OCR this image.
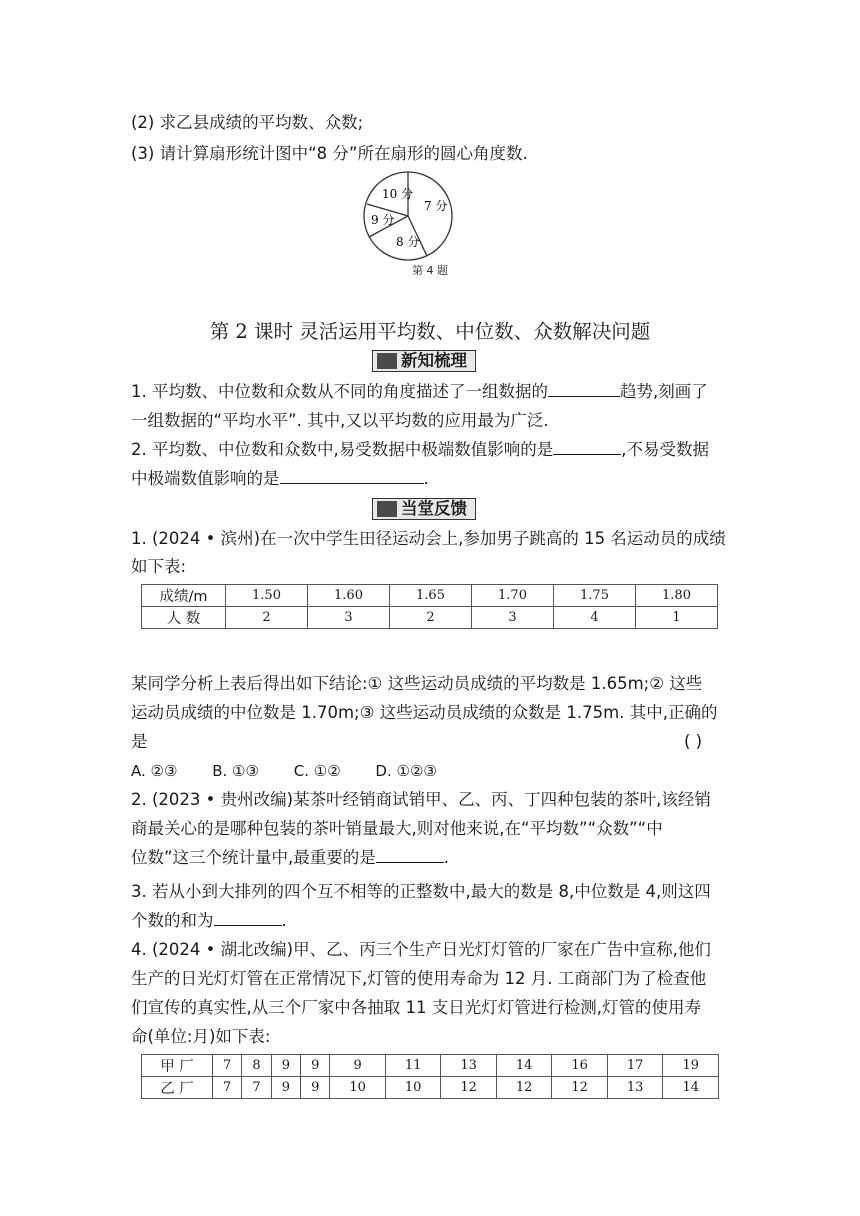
(2) 求乙县成绩的平均数、众数;
(3) 请计算扇形统计图中“8 分”所在扇形的圆心角度数.
10 分
7 分
8 分
9 分
第 4 题
第 2 课时 灵活运用平均数、中位数、众数解决问题
新知梳理
1. 平均数、中位数和众数从不同的角度描述了一组数据的	趋势,刻画了
一组数据的“平均水平”. 其中,又以平均数的应用最为广泛.
2. 平均数、中位数和众数中,易受数据中极端数值影响的是	,不易受数据
中极端数值影响的是	.
当堂反馈
1. (2024 • 滨州)在一次中学生田径运动会上,参加男子跳高的 15 名运动员的成绩
如下表:
成绩/m	1.50	1.60	1.65	1.70	1.75	1.80
人 数	2	3	2	3	4	1
某同学分析上表后得出如下结论:① 这些运动员成绩的平均数是 1.65m;② 这些
运动员成绩的中位数是 1.70m;③ 这些运动员成绩的众数是 1.75m. 其中,正确的
是	( )
A. ②③ B. ①③ C. ①② D. ①②③
2. (2023 • 贵州改编)某茶叶经销商试销甲、乙、丙、丁四种包装的茶叶,该经销
商最关心的是哪种包装的茶叶销量最大,则对他来说,在“平均数”“众数”“中
位数”这三个统计量中,最重要的是	.
3. 若从小到大排列的四个互不相等的正整数中,最大的数是 8,中位数是 4,则这四
个数的和为	.
4. (2024 • 湖北改编)甲、乙、丙三个生产日光灯灯管的厂家在广告中宣称,他们
生产的日光灯灯管在正常情况下,灯管的使用寿命为 12 月. 工商部门为了检查他
们宣传的真实性,从三个厂家中各抽取 11 支日光灯灯管进行检测,灯管的使用寿
命(单位:月)如下表:
甲 厂	7	8	9	9	9	11	13	14	16	17	19
乙 厂	7	7	9	9	10	10	12	12	12	13	14
